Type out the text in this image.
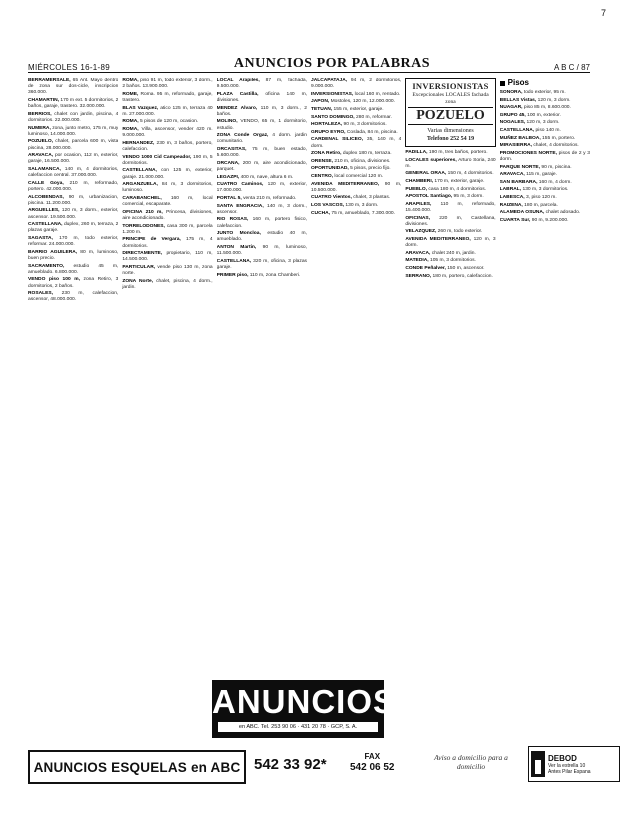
7
MIÉRCOLES 16-1-89	ANUNCIOS POR PALABRAS	A B C / 87

BERRAMERSALE, 65 Ant. Mayo dentro de zona sur dos-cicle, inscripcion 360.000.

CHAMARTIN, 170 m ext. 5 dormitorios, 2 baños, garaje, trastero. 32.000.000.

BERRIOS, chalet con jardin, piscina, 4 dormitorios. 22.000.000.

NUMERA, zona, junto metro, 175 m, muy luminoso, 14.000.000.

POZUELO, chalet, parcela 600 m, vista piscina, 28.000.000.

ARAVACA, por ocasion, 112 m, exterior, garaje, 16.500.000.

SALAMANCA, 140 m, 4 dormitorios, calefaccion central. 37.000.000.

CALLE Goya, 210 m, reformado, portero. 42.000.000.

ALCOBENDAS, 90 m, urbanizacion, piscina. 11.200.000.

ARGUELLES, 120 m, 3 dorm., exterior, ascensor. 19.500.000.

CASTELLANA, duplex, 260 m, terraza, 2 plazas garaje.

SAGASTA, 170 m, todo exterior, reformar. 24.000.000.

BARRIO AGUILERA, 80 m, luminoso, buen precio.

SACRAMENTO, estudio 45 m, amueblado. 6.800.000.

VENDO piso 100 m, zona Retiro, 3 dormitorios, 2 baños.

ROSALES, 230 m, calefaccion, ascensor, 48.000.000.

ROMA, piso 91 m, todo exterior, 3 dorm., 2 baños. 13.900.000.

ROME, Roma. 95 m, reformado, garaje, trastero.

BLAS Vazquez, atico 125 m, terraza 40 m. 27.000.000.

ROMA, 5 pisos de 120 m, ocasion.

ROMA, Villa, ascensor, vender 420 m. 9.000.000.

HERNANDEZ, 230 m, 3 baños, portero, calefaccion.

VENDO 1000 Cid Campeador, 190 m, 5 dormitorios.

CASTELLANA, con 125 m, exterior, garaje. 21.000.000.

ARGANZUELA, 84 m, 3 dormitorios, luminoso.

CARABANCHEL, 160 m, local comercial, escaparate.

OFICINA 210 m, Princesa, divisiones, aire acondicionado.

TORRELODONES, casa 300 m, parcela 1.200 m.

PRINCIPE de Vergara, 175 m, 4 dormitorios.

DIRECTAMENTE, propietario, 110 m, 14.500.000.

PARTICULAR, vende piso 130 m, zona norte.

ZONA Norte, chalet, piscina, 4 dorm., jardin.

LOCAL Arapiles, 87 m, fachada, 9.500.000.

PLAZA Castilla, oficina 140 m, divisiones.

MENDEZ Alvaro, 110 m, 3 dorm., 2 baños.

MOLINO, VENDO, 65 m, 1 dormitorio, estudio.

ZONA Conde Orgaz, 4 dorm. jardin comunitario.

ORCASITAS, 75 m, buen estado, 5.600.000.

ORCANA, 200 m, aire acondicionado, parquet.

LEGAZPI, 400 m, nave, altura 6 m.

CUATRO Caminos, 120 m, exterior, 17.000.000.

PORTAL 5, venta 210 m, reformado.

SANTA ENGRACIA, 140 m, 3 dorm., ascensor.

RIO ROSAS, 160 m, portero fisico, calefaccion.

JUNTO Moncloa, estudio 40 m, amueblado.

ANTON Martin, 90 m, luminoso, 11.500.000.

CASTELLANA, 320 m, oficina, 3 plazas garaje.

PRIMER piso, 110 m, zona Chamberi.

JALCAPATAJA, 94 m, 2 dormitorios, 9.000.000.

INVERSIONISTAS, local 160 m, rentado.

JAPON, Mostoles, 120 m, 12.000.000.

TETUAN, 155 m, exterior, garaje.

SANTO DOMINGO, 280 m, reformar.

HORTALEZA, 90 m, 3 dormitorios.

GRUPO EYRO, Coslada, 84 m, piscina.

CARDENAL SILICEO, 35, 140 m, 4 dorm.

ZONA Retiro, duplex 180 m, terraza.

ORENSE, 210 m, oficina, divisiones.

OPORTUNIDAD, 5 pisos, precio fijo.

CENTRO, local comercial 120 m.

AVENIDA MEDITERRANEO, 90 m, 10.500.000.

CUATRO Vientos, chalet, 3 plantas.

LOS VASCOS, 130 m, 3 dorm.

CUCHA, 75 m, amueblado, 7.300.000.

INVERSIONISTAS
Excepcionales LOCALES fachada zona
POZUELO
Varias dimensiones
Telefono 252 54 19

PADILLA, 190 m, tres baños, portero.

LOCALES superiores, Arturo Soria, 240 m.

GENERAL ORAA, 150 m, 4 dormitorios.

CHAMBERI, 170 m, exterior, garaje.

PUEBLO, casa 180 m, 4 dormitorios.

APOSTOL Santiago, 95 m, 3 dorm.

ARAPILES, 110 m, reformado, 15.400.000.

OFICINAS, 220 m, Castellana, divisiones.

VELAZQUEZ, 260 m, todo exterior.

AVENIDA MEDITERRANEO, 120 m, 3 dorm.

ARAVACA, chalet 240 m, jardin.

MATEDIA, 105 m, 3 dormitorios.

CONDE Peñalver, 150 m, ascensor.

SERRANO, 180 m, portero, calefaccion.

Pisos

SONORA, todo exterior, 95 m.

BELLAS Vistas, 120 m, 3 dorm.

NUAGAR, piso 85 m, 8.600.000.

GRUPO 45, 100 m, exterior.

NOGALES, 120 m, 3 dorm.

CASTELLANA, piso 140 m.

MUÑEZ BALBOA, 155 m, portero.

MIRASIERRA, chalet, 4 dormitorios.

PROMOCIONES NORTE, pisos de 2 y 3 dorm.

PARQUE NORTE, 90 m, piscina.

ARAVACA, 115 m, garaje.

SAN BARBARA, 160 m, 4 dorm.

LABRAL, 130 m, 3 dormitorios.

LABESCA, 3, piso 120 m.

RAIZENA, 180 m, parcela.

ALAMEDA OSUNA, chalet adosado.

CUARTA Sur, 90 m, 9.200.000.

ANUNCIOS
en ABC. Tel. 253 90 06 · 431 20 78 · GCP, S. A.
ANUNCIOS ESQUELAS en ABC 542 33 92*	FAX
542 06 52
Aviso a domicilio para a domicilio
DEBOD
Ver la estrella 10
Antes Pilar Espana
